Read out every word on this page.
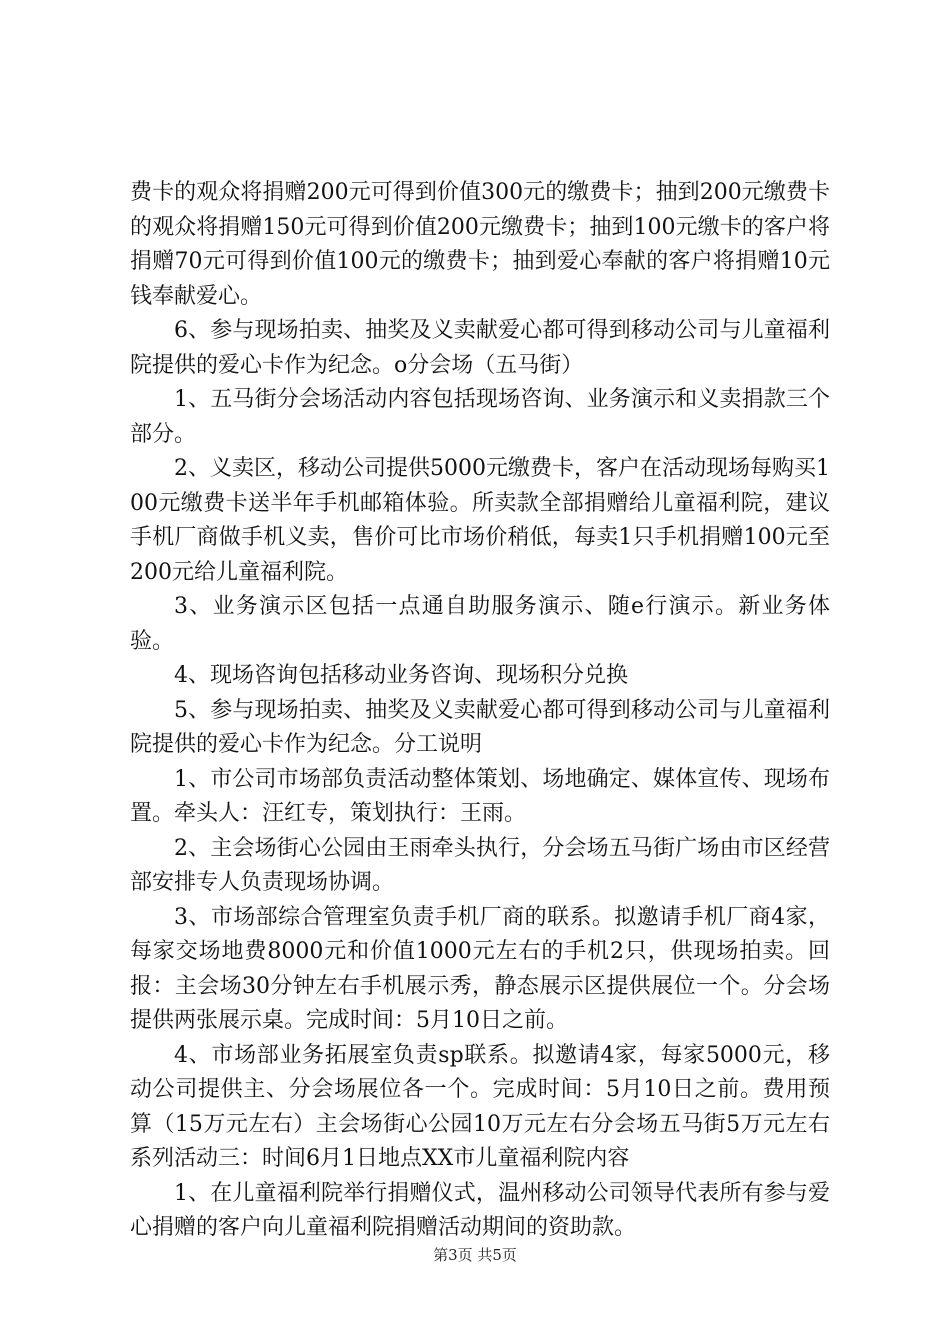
费卡的观众将捐赠200元可得到价值300元的缴费卡；抽到200元缴费卡的观众将捐赠150元可得到价值200元缴费卡；抽到100元缴卡的客户将捐赠70元可得到价值100元的缴费卡；抽到爱心奉献的客户将捐赠10元钱奉献爱心。

6、参与现场拍卖、抽奖及义卖献爱心都可得到移动公司与儿童福利院提供的爱心卡作为纪念。o分会场（五马街）

1、五马街分会场活动内容包括现场咨询、业务演示和义卖捐款三个部分。

2、义卖区，移动公司提供5000元缴费卡，客户在活动现场每购买100元缴费卡送半年手机邮箱体验。所卖款全部捐赠给儿童福利院，建议手机厂商做手机义卖，售价可比市场价稍低，每卖1只手机捐赠100元至200元给儿童福利院。

3、业务演示区包括一点通自助服务演示、随e行演示。新业务体验。

4、现场咨询包括移动业务咨询、现场积分兑换

5、参与现场拍卖、抽奖及义卖献爱心都可得到移动公司与儿童福利院提供的爱心卡作为纪念。分工说明

1、市公司市场部负责活动整体策划、场地确定、媒体宣传、现场布置。牵头人：汪红专，策划执行：王雨。

2、主会场街心公园由王雨牵头执行，分会场五马街广场由市区经营部安排专人负责现场协调。

3、市场部综合管理室负责手机厂商的联系。拟邀请手机厂商4家，每家交场地费8000元和价值1000元左右的手机2只，供现场拍卖。回报：主会场30分钟左右手机展示秀，静态展示区提供展位一个。分会场提供两张展示桌。完成时间：5月10日之前。

4、市场部业务拓展室负责sp联系。拟邀请4家，每家5000元，移动公司提供主、分会场展位各一个。完成时间：5月10日之前。费用预算（15万元左右）主会场街心公园10万元左右分会场五马街5万元左右系列活动三：时间6月1日地点XX市儿童福利院内容

1、在儿童福利院举行捐赠仪式，温州移动公司领导代表所有参与爱心捐赠的客户向儿童福利院捐赠活动期间的资助款。

第3页 共5页
